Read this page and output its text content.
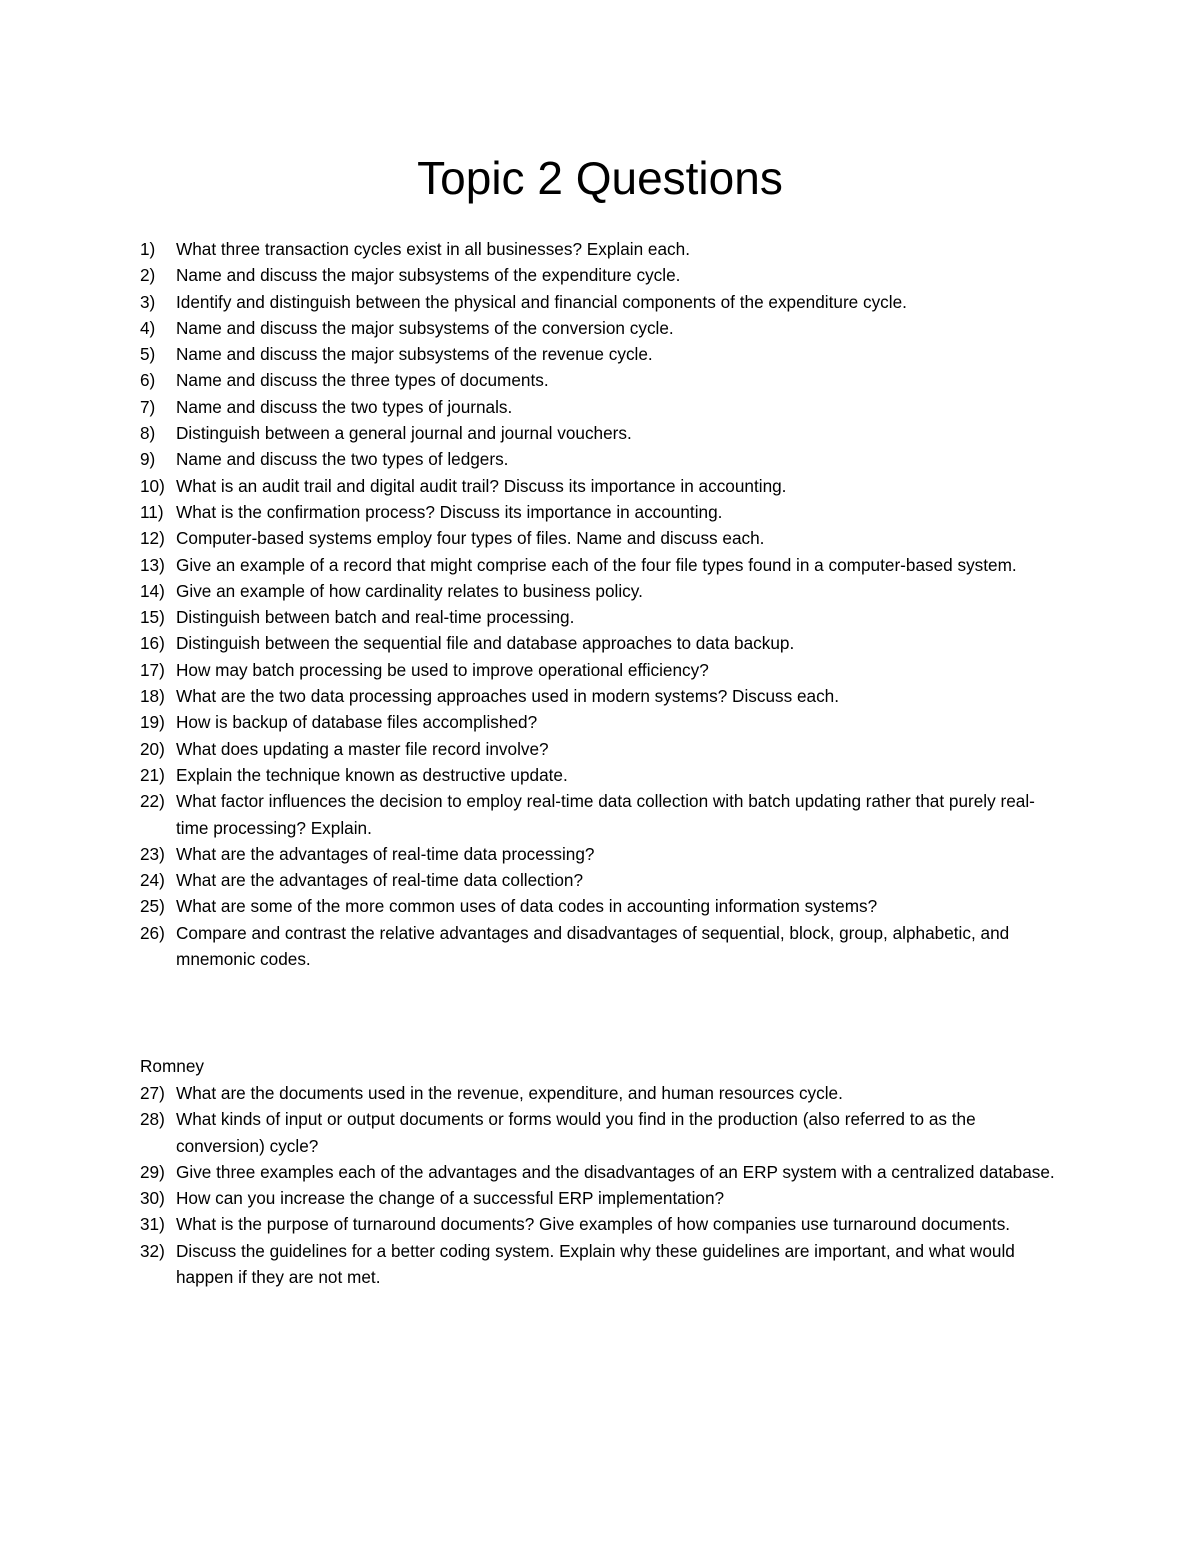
Topic 2 Questions
1)	What three transaction cycles exist in all businesses? Explain each.
2)	Name and discuss the major subsystems of the expenditure cycle.
3)	Identify and distinguish between the physical and financial components of the expenditure cycle.
4)	Name and discuss the major subsystems of the conversion cycle.
5)	Name and discuss the major subsystems of the revenue cycle.
6)	Name and discuss the three types of documents.
7)	Name and discuss the two types of journals.
8)	Distinguish between a general journal and journal vouchers.
9)	Name and discuss the two types of ledgers.
10) What is an audit trail and digital audit trail? Discuss its importance in accounting.
11) What is the confirmation process? Discuss its importance in accounting.
12) Computer-based systems employ four types of files. Name and discuss each.
13) Give an example of a record that might comprise each of the four file types found in a computer-based system.
14) Give an example of how cardinality relates to business policy.
15) Distinguish between batch and real-time processing.
16) Distinguish between the sequential file and database approaches to data backup.
17) How may batch processing be used to improve operational efficiency?
18) What are the two data processing approaches used in modern systems? Discuss each.
19) How is backup of database files accomplished?
20) What does updating a master file record involve?
21) Explain the technique known as destructive update.
22) What factor influences the decision to employ real-time data collection with batch updating rather that purely real-time processing? Explain.
23) What are the advantages of real-time data processing?
24) What are the advantages of real-time data collection?
25) What are some of the more common uses of data codes in accounting information systems?
26) Compare and contrast the relative advantages and disadvantages of sequential, block, group, alphabetic, and mnemonic codes.

Romney

27) What are the documents used in the revenue, expenditure, and human resources cycle.
28) What kinds of input or output documents or forms would you find in the production (also referred to as the conversion) cycle?
29) Give three examples each of the advantages and the disadvantages of an ERP system with a centralized database.
30) How can you increase the change of a successful ERP implementation?
31) What is the purpose of turnaround documents? Give examples of how companies use turnaround documents.
32) Discuss the guidelines for a better coding system. Explain why these guidelines are important, and what would happen if they are not met.
